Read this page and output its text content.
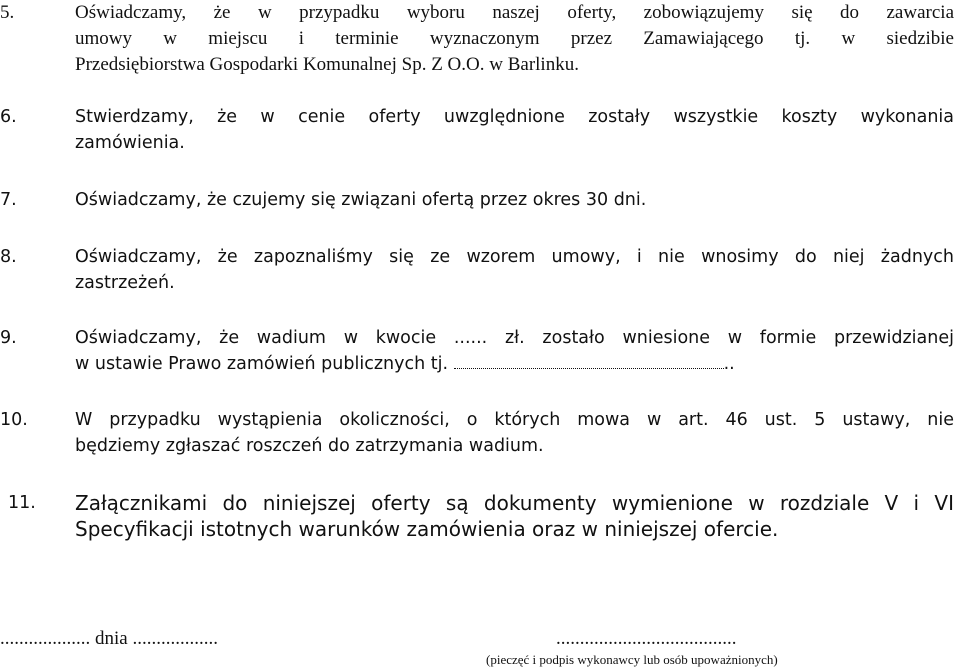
5.	Oświadczamy, że w przypadku wyboru naszej oferty, zobowiązujemy się do zawarcia
umowy w miejscu i terminie wyznaczonym przez Zamawiającego tj. w siedzibie
Przedsiębiorstwa Gospodarki Komunalnej Sp. Z O.O. w Barlinku.
6.	Stwierdzamy, że w cenie oferty uwzględnione zostały wszystkie koszty wykonania
zamówienia.
7.	Oświadczamy, że czujemy się związani ofertą przez okres 30 dni.
8.	Oświadczamy, że zapoznaliśmy się ze wzorem umowy, i nie wnosimy do niej żadnych
zastrzeżeń.
9.	Oświadczamy, że wadium w kwocie ...... zł. zostało wniesione w formie przewidzianej
w ustawie Prawo zamówień publicznych tj.	..
10.	W przypadku wystąpienia okoliczności, o których mowa w art. 46 ust. 5 ustawy, nie
będziemy zgłaszać roszczeń do zatrzymania wadium.
11.	Załącznikami do niniejszej oferty są dokumenty wymienione w rozdziale V i VI
Specyfikacji istotnych warunków zamówienia oraz w niniejszej ofercie.
................... dnia ..................	......................................
(pieczęć i podpis wykonawcy lub osób upoważnionych)
